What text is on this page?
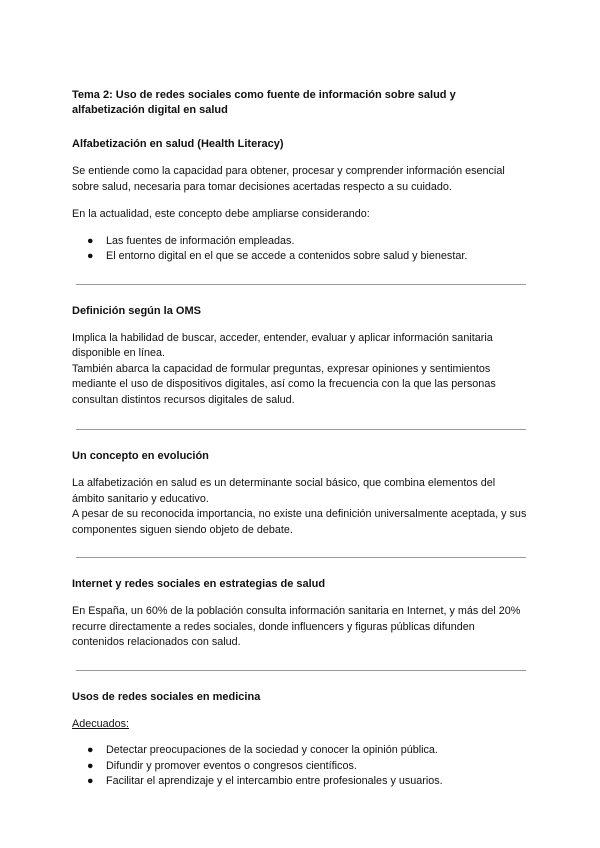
Tema 2: Uso de redes sociales como fuente de información sobre salud y alfabetización digital en salud
Alfabetización en salud (Health Literacy)

Se entiende como la capacidad para obtener, procesar y comprender información esencial sobre salud, necesaria para tomar decisiones acertadas respecto a su cuidado.

En la actualidad, este concepto debe ampliarse considerando:

● Las fuentes de información empleadas.
● El entorno digital en el que se accede a contenidos sobre salud y bienestar.
Definición según la OMS

Implica la habilidad de buscar, acceder, entender, evaluar y aplicar información sanitaria disponible en línea.

También abarca la capacidad de formular preguntas, expresar opiniones y sentimientos mediante el uso de dispositivos digitales, así como la frecuencia con la que las personas consultan distintos recursos digitales de salud.

Un concepto en evolución

La alfabetización en salud es un determinante social básico, que combina elementos del ámbito sanitario y educativo.

A pesar de su reconocida importancia, no existe una definición universalmente aceptada, y sus componentes siguen siendo objeto de debate.

Internet y redes sociales en estrategias de salud

En España, un 60% de la población consulta información sanitaria en Internet, y más del 20% recurre directamente a redes sociales, donde influencers y figuras públicas difunden contenidos relacionados con salud.

Usos de redes sociales en medicina

Adecuados:

● Detectar preocupaciones de la sociedad y conocer la opinión pública.
● Difundir y promover eventos o congresos científicos.
● Facilitar el aprendizaje y el intercambio entre profesionales y usuarios.
